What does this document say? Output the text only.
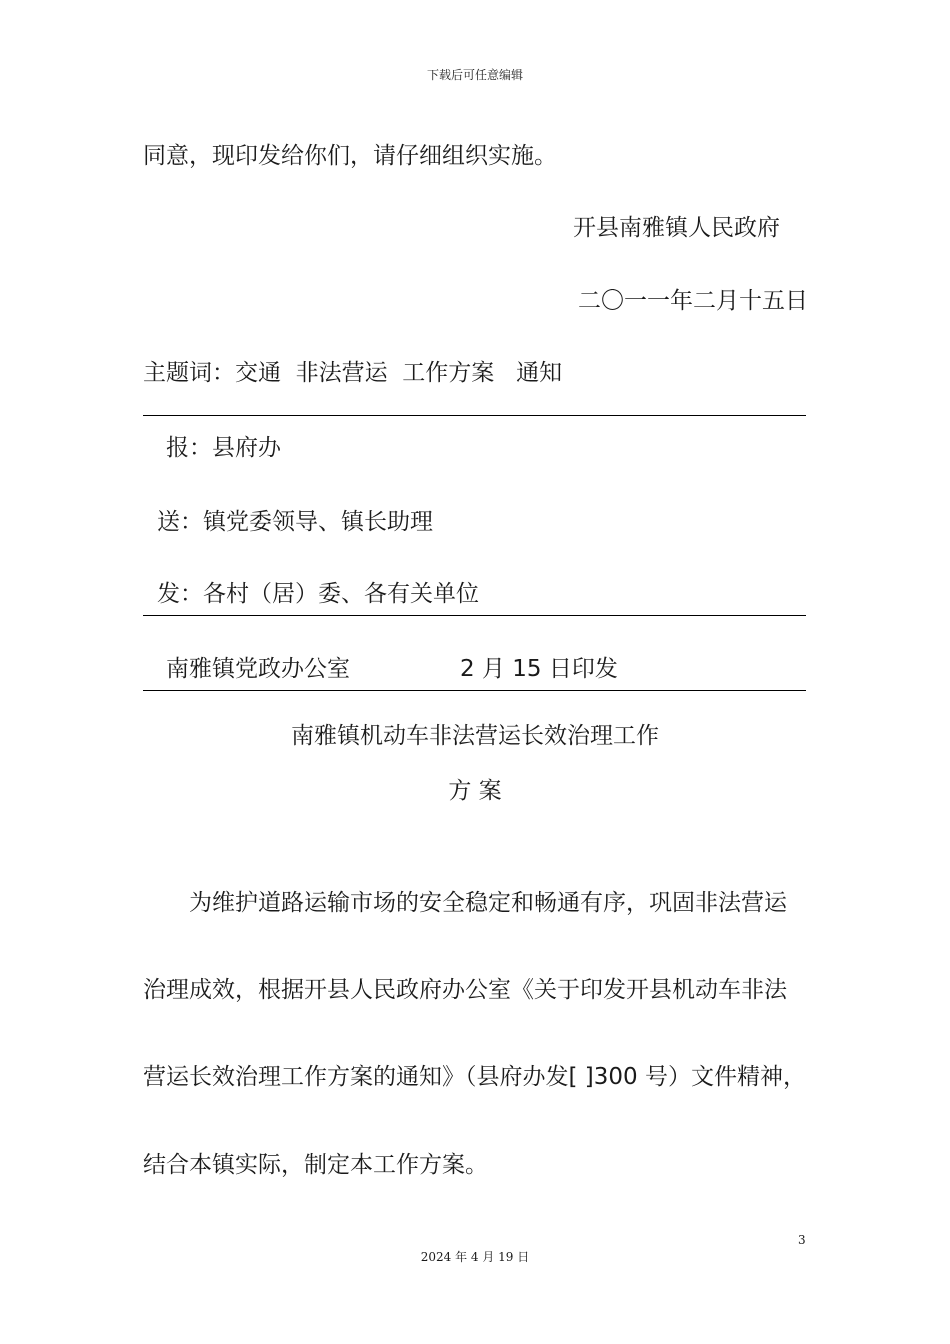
下载后可任意编辑
同意，现印发给你们，请仔细组织实施。
开县南雅镇人民政府
二〇一一年二月十五日
主题词：交通  非法营运  工作方案   通知
报：县府办
送：镇党委领导、镇长助理
发：各村（居）委、各有关单位
南雅镇党政办公室	2 月 15 日印发
南雅镇机动车非法营运长效治理工作
方 案
为维护道路运输市场的安全稳定和畅通有序，巩固非法营运
治理成效，根据开县人民政府办公室《关于印发开县机动车非法
营运长效治理工作方案的通知》（县府办发[ ]300 号）文件精神，
结合本镇实际，制定本工作方案。
3
2024 年 4 月 19 日
